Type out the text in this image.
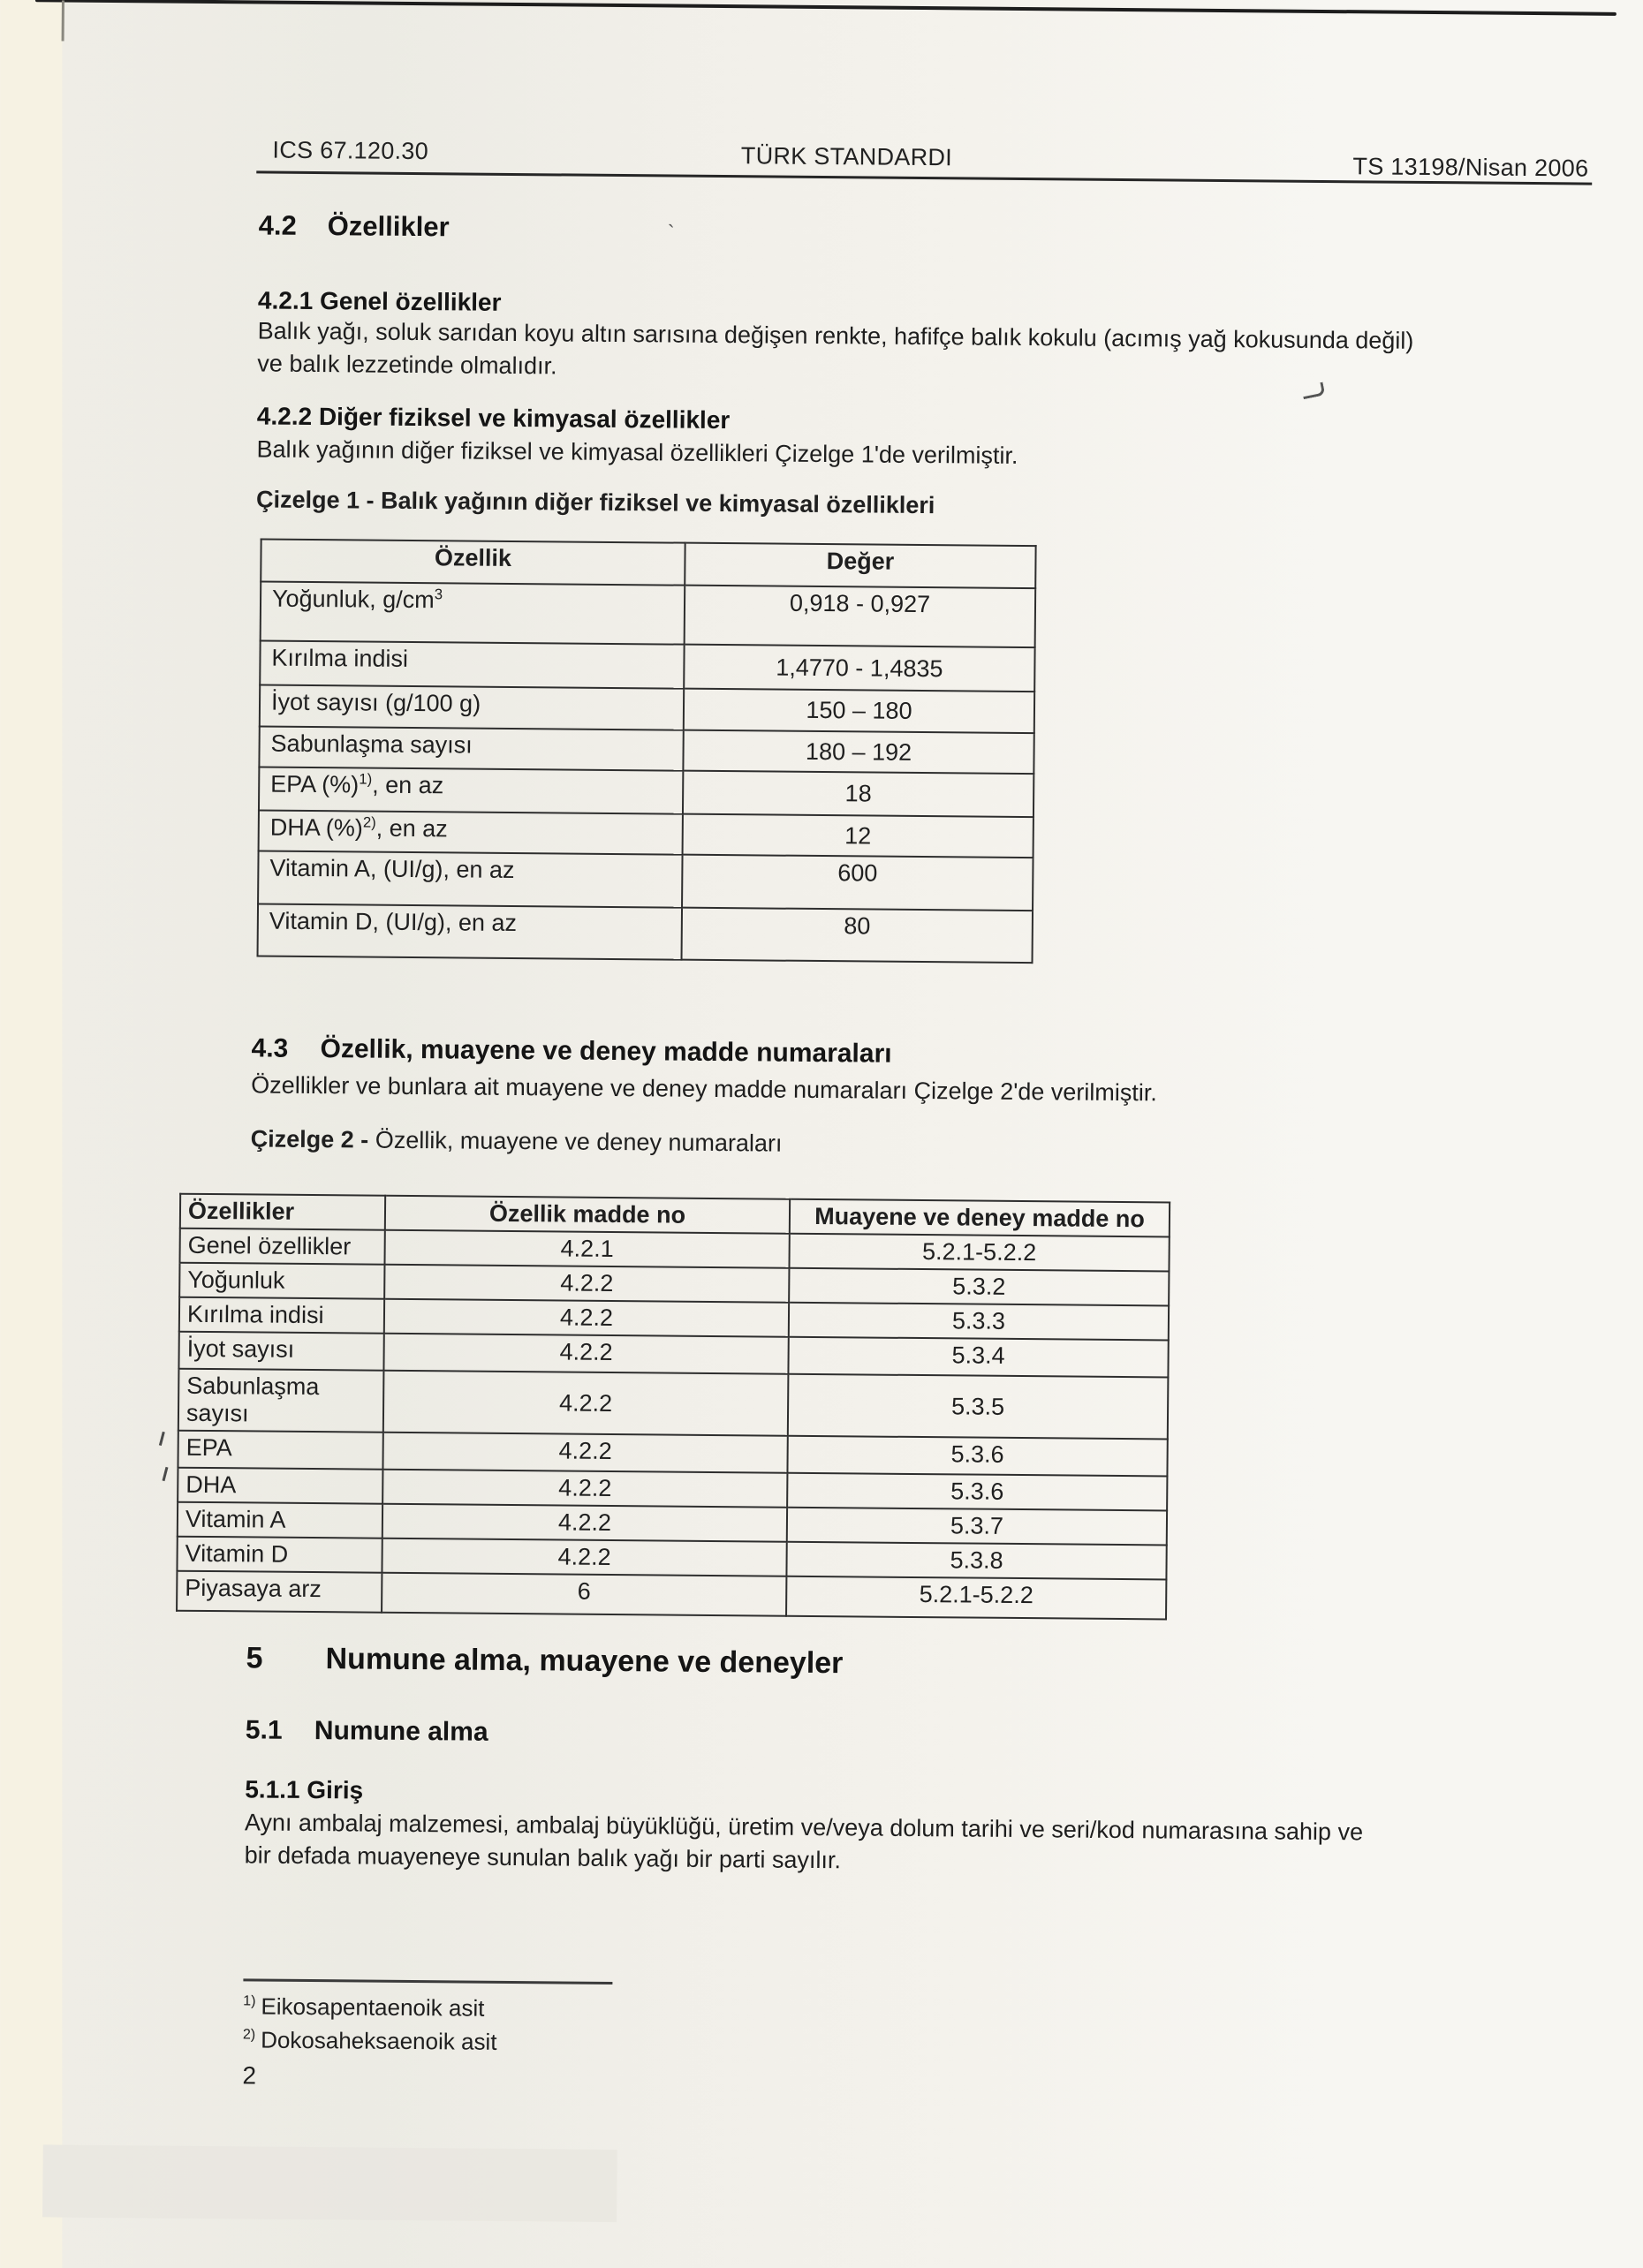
ICS 67.120.30	TÜRK STANDARDI	TS 13198/Nisan 2006
4.2 Özellikler	`
4.2.1 Genel özellikler
Balık yağı, soluk sarıdan koyu altın sarısına değişen renkte, hafifçe balık kokulu (acımış yağ kokusunda değil)
ve balık lezzetinde olmalıdır.
4.2.2 Diğer fiziksel ve kimyasal özellikler
Balık yağının diğer fiziksel ve kimyasal özellikleri Çizelge 1'de verilmiştir.
Çizelge 1 - Balık yağının diğer fiziksel ve kimyasal özellikleri
Özellik	Değer
Yoğunluk, $g/cm^3$	0,918 - 0,927
Kırılma indisi	1,4770 - 1,4835
İyot sayısı (g/100 g)	150 – 180
Sabunlaşma sayısı	180 – 192
EPA (%)$^{1)}$, en az	18
DHA (%)$^{2)}$, en az	12
Vitamin A, (UI/g), en az	600
Vitamin D, (UI/g), en az	80
4.3 Özellik, muayene ve deney madde numaraları
Özellikler ve bunlara ait muayene ve deney madde numaraları Çizelge 2'de verilmiştir.
Çizelge 2 - Özellik, muayene ve deney numaraları
Özellikler	Özellik madde no	Muayene ve deney madde no
Genel özellikler	4.2.1	5.2.1-5.2.2
Yoğunluk	4.2.2	5.3.2
Kırılma indisi	4.2.2	5.3.3
İyot sayısı	4.2.2	5.3.4
Sabunlaşma sayısı	4.2.2	5.3.5
EPA	4.2.2	5.3.6
DHA	4.2.2	5.3.6
Vitamin A	4.2.2	5.3.7
Vitamin D	4.2.2	5.3.8
Piyasaya arz	6	5.2.1-5.2.2
5 Numune alma, muayene ve deneyler
5.1 Numune alma
5.1.1 Giriş
Aynı ambalaj malzemesi, ambalaj büyüklüğü, üretim ve/veya dolum tarihi ve seri/kod numarasına sahip ve
bir defada muayeneye sunulan balık yağı bir parti sayılır.
$^{1)}$ Eikosapentaenoik asit
$^{2)}$ Dokosaheksaenoik asit
2
